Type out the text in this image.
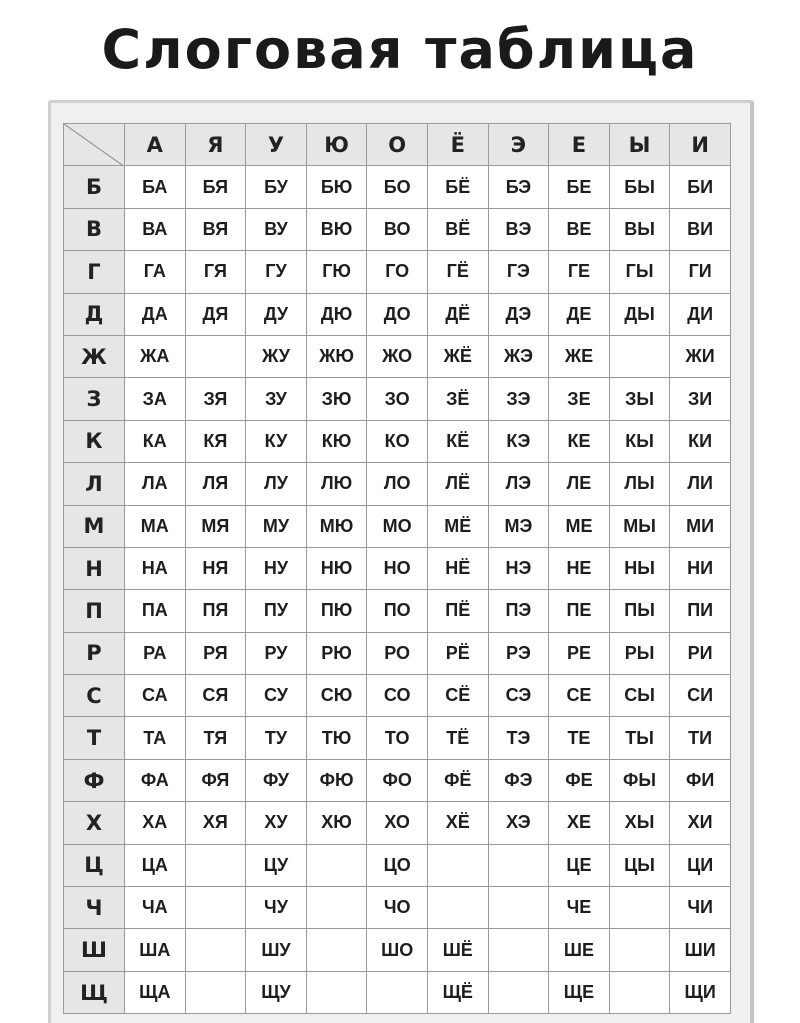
Слоговая таблица
	А	Я	У	Ю	О	Ё	Э	Е	Ы	И
Б	БА	БЯ	БУ	БЮ	БО	БЁ	БЭ	БЕ	БЫ	БИ
В	ВА	ВЯ	ВУ	ВЮ	ВО	ВЁ	ВЭ	ВЕ	ВЫ	ВИ
Г	ГА	ГЯ	ГУ	ГЮ	ГО	ГЁ	ГЭ	ГЕ	ГЫ	ГИ
Д	ДА	ДЯ	ДУ	ДЮ	ДО	ДЁ	ДЭ	ДЕ	ДЫ	ДИ
Ж	ЖА		ЖУ	ЖЮ	ЖО	ЖЁ	ЖЭ	ЖЕ		ЖИ
З	ЗА	ЗЯ	ЗУ	ЗЮ	ЗО	ЗЁ	ЗЭ	ЗЕ	ЗЫ	ЗИ
К	КА	КЯ	КУ	КЮ	КО	КЁ	КЭ	КЕ	КЫ	КИ
Л	ЛА	ЛЯ	ЛУ	ЛЮ	ЛО	ЛЁ	ЛЭ	ЛЕ	ЛЫ	ЛИ
М	МА	МЯ	МУ	МЮ	МО	МЁ	МЭ	МЕ	МЫ	МИ
Н	НА	НЯ	НУ	НЮ	НО	НЁ	НЭ	НЕ	НЫ	НИ
П	ПА	ПЯ	ПУ	ПЮ	ПО	ПЁ	ПЭ	ПЕ	ПЫ	ПИ
Р	РА	РЯ	РУ	РЮ	РО	РЁ	РЭ	РЕ	РЫ	РИ
С	СА	СЯ	СУ	СЮ	СО	СЁ	СЭ	СЕ	СЫ	СИ
Т	ТА	ТЯ	ТУ	ТЮ	ТО	ТЁ	ТЭ	ТЕ	ТЫ	ТИ
Ф	ФА	ФЯ	ФУ	ФЮ	ФО	ФЁ	ФЭ	ФЕ	ФЫ	ФИ
Х	ХА	ХЯ	ХУ	ХЮ	ХО	ХЁ	ХЭ	ХЕ	ХЫ	ХИ
Ц	ЦА		ЦУ		ЦО			ЦЕ	ЦЫ	ЦИ
Ч	ЧА		ЧУ		ЧО			ЧЕ		ЧИ
Ш	ША		ШУ		ШО	ШЁ		ШЕ		ШИ
Щ	ЩА		ЩУ			ЩЁ		ЩЕ		ЩИ
